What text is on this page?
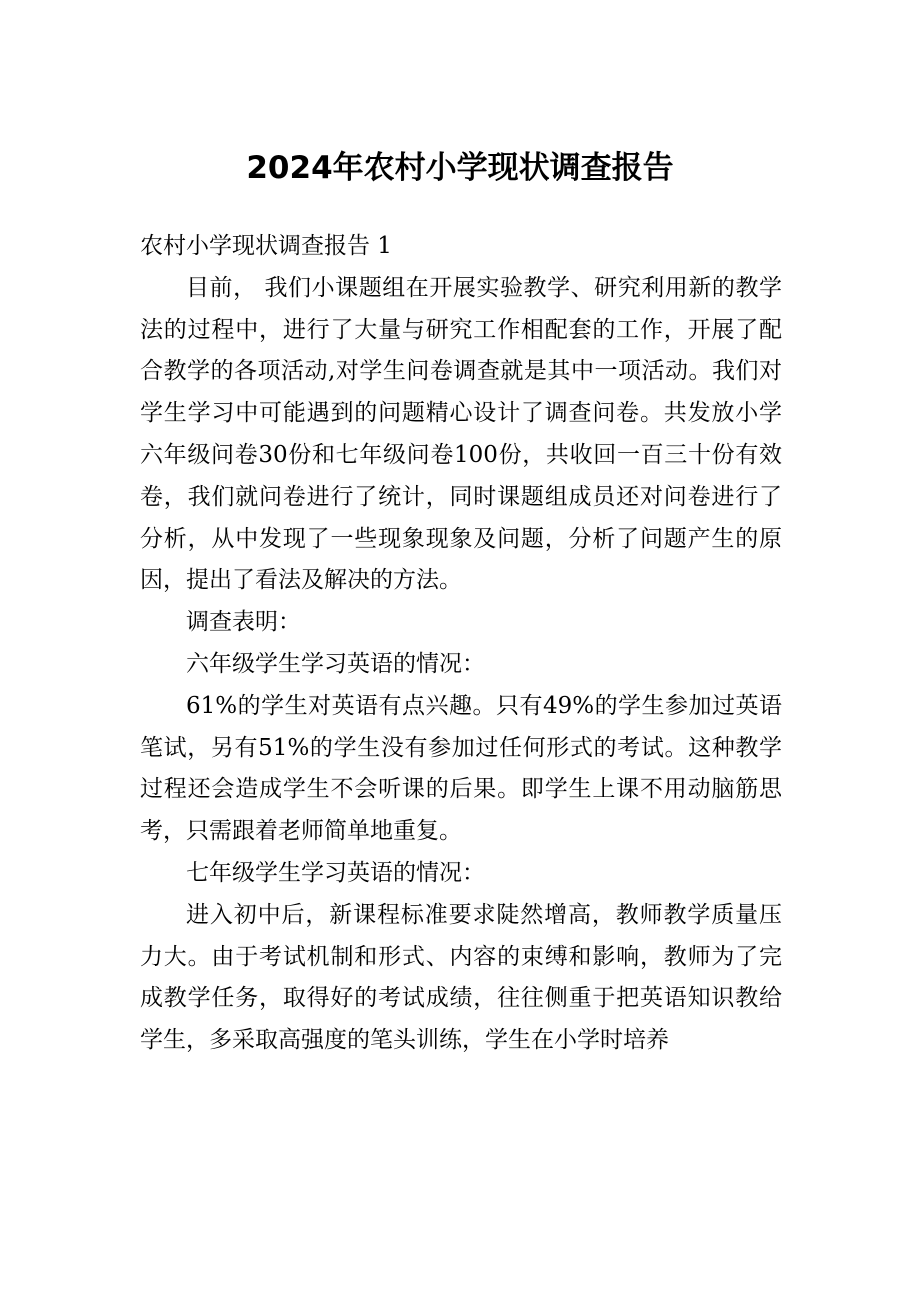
2024年农村小学现状调查报告

农村小学现状调查报告 1

目前， 我们小课题组在开展实验教学、研究利用新的教学法的过程中，进行了大量与研究工作相配套的工作，开展了配合教学的各项活动,对学生问卷调查就是其中一项活动。我们对学生学习中可能遇到的问题精心设计了调查问卷。共发放小学六年级问卷30份和七年级问卷100份，共收回一百三十份有效卷，我们就问卷进行了统计，同时课题组成员还对问卷进行了分析，从中发现了一些现象现象及问题，分析了问题产生的原因，提出了看法及解决的方法。

调查表明：

六年级学生学习英语的情况：

61%的学生对英语有点兴趣。只有49%的学生参加过英语笔试，另有51%的学生没有参加过任何形式的考试。这种教学过程还会造成学生不会听课的后果。即学生上课不用动脑筋思考，只需跟着老师简单地重复。

七年级学生学习英语的情况：

进入初中后，新课程标准要求陡然增高，教师教学质量压力大。由于考试机制和形式、内容的束缚和影响，教师为了完成教学任务，取得好的考试成绩，往往侧重于把英语知识教给学生，多采取高强度的笔头训练，学生在小学时培养
